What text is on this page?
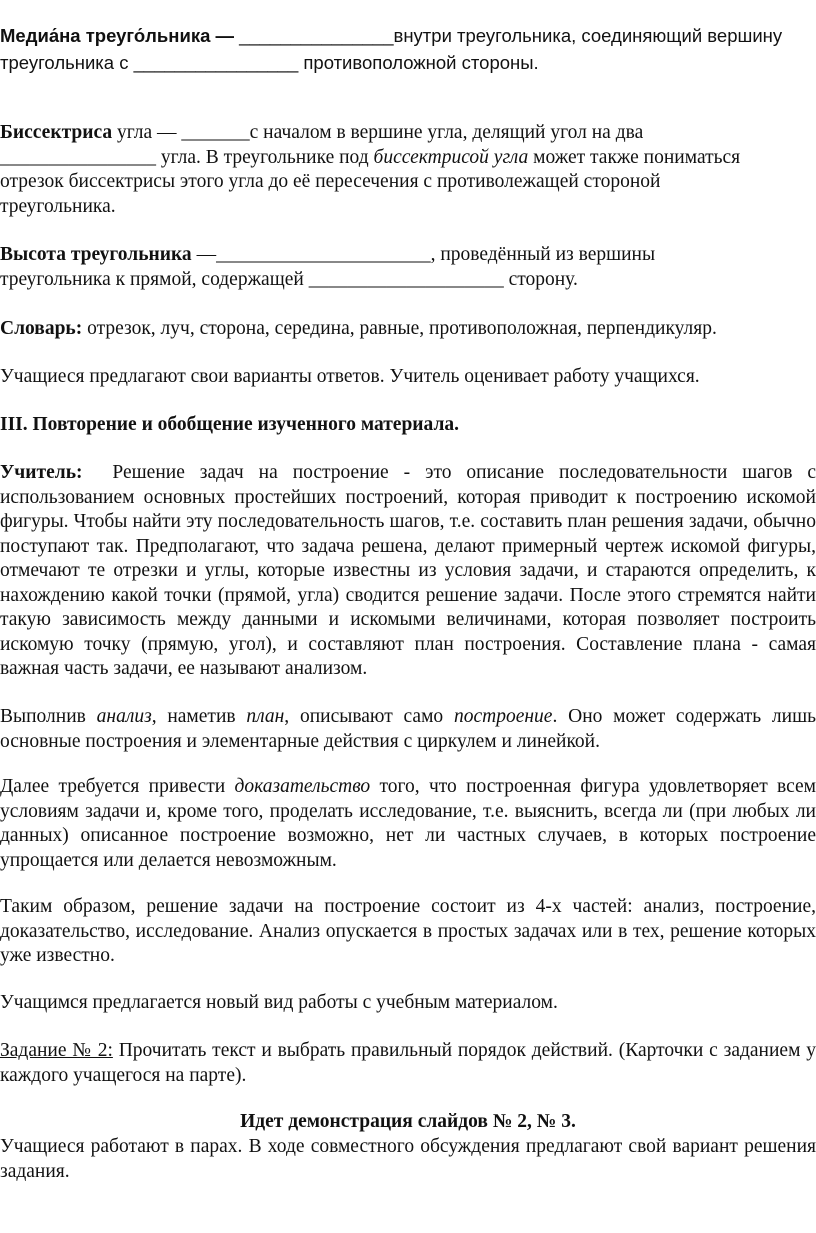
Медиа́на треуго́льника — _______________внутри треугольника, соединяющий вершину

треугольника с ________________ противоположной стороны.

Биссектриса угла — _______с началом в вершине угла, делящий угол на два
________________ угла. В треугольнике под биссектрисой угла может также пониматься
отрезок биссектрисы этого угла до её пересечения с противолежащей стороной
треугольника.
Высота треугольника —______________________, проведённый из вершины
треугольника к прямой, содержащей ____________________ сторону.

Словарь: отрезок, луч, сторона, середина, равные, противоположная, перпендикуляр.

Учащиеся предлагают свои варианты ответов. Учитель оценивает работу учащихся.

III. Повторение и обобщение изученного материала.

Учитель: Решение задач на построение - это описание последовательности шагов с использованием основных простейших построений, которая приводит к построению искомой фигуры. Чтобы найти эту последовательность шагов, т.е. составить план решения задачи, обычно поступают так. Предполагают, что задача решена, делают примерный чертеж искомой фигуры, отмечают те отрезки и углы, которые известны из условия задачи, и стараются определить, к нахождению какой точки (прямой, угла) сводится решение задачи. После этого стремятся найти такую зависимость между данными и искомыми величинами, которая позволяет построить искомую точку (прямую, угол), и составляют план построения. Составление плана - самая важная часть задачи, ее называют анализом.

Выполнив анализ, наметив план, описывают само построение. Оно может содержать лишь основные построения и элементарные действия с циркулем и линейкой.

Далее требуется привести доказательство того, что построенная фигура удовлетворяет всем условиям задачи и, кроме того, проделать исследование, т.е. выяснить, всегда ли (при любых ли данных) описанное построение возможно, нет ли частных случаев, в которых построение упрощается или делается невозможным.

Таким образом, решение задачи на построение состоит из 4-х частей: анализ, построение, доказательство, исследование. Анализ опускается в простых задачах или в тех, решение которых уже известно.

Учащимся предлагается новый вид работы с учебным материалом.

Задание № 2: Прочитать текст и выбрать правильный порядок действий. (Карточки с заданием у каждого учащегося на парте).

Идет демонстрация слайдов № 2, № 3.

Учащиеся работают в парах. В ходе совместного обсуждения предлагают свой вариант решения задания.
